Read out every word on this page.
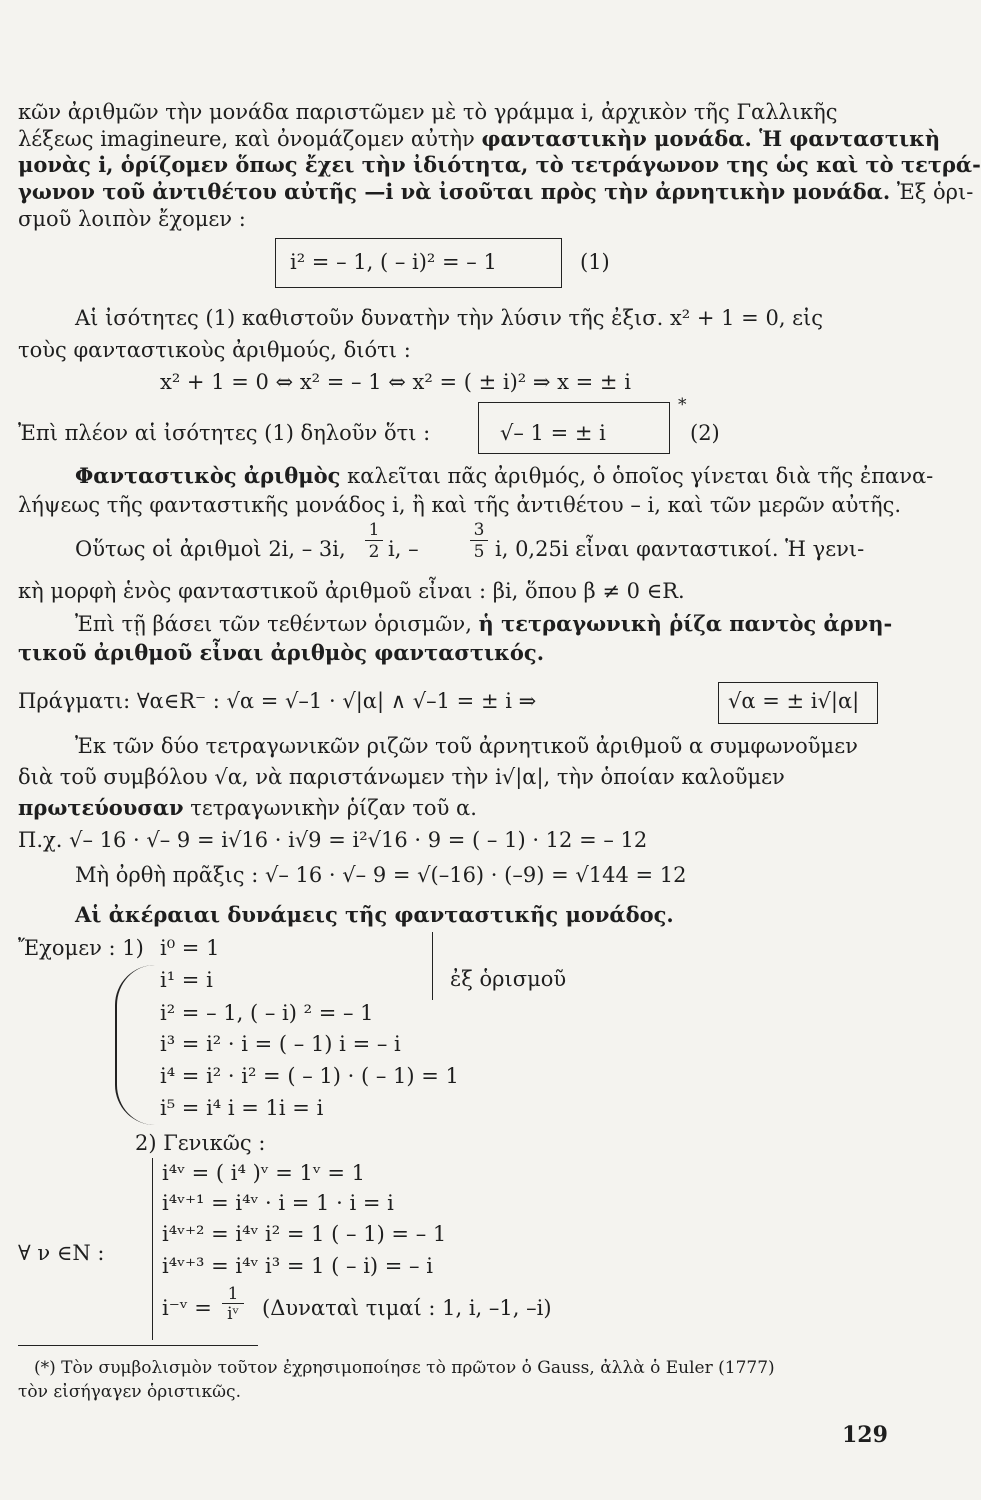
κῶν ἀριθμῶν τὴν μονάδα παριστῶμεν μὲ τὸ γράμμα i, ἀρχικὸν τῆς Γαλλικῆς
λέξεως imagineure, καὶ ὀνομάζομεν αὐτὴν φανταστικὴν μονάδα. Ἡ φανταστικὴ
μονὰς i, ὁρίζομεν ὅπως ἔχει τὴν ἰδιότητα, τὸ τετράγωνον της ὡς καὶ τὸ τετρά-
γωνον τοῦ ἀντιθέτου αὐτῆς —i νὰ ἰσοῦται πρὸς τὴν ἀρνητικὴν μονάδα. Ἐξ ὁρι-
σμοῦ λοιπὸν ἔχομεν :
i² = – 1, ( – i)² = – 1	(1)
Αἱ ἰσότητες (1) καθιστοῦν δυνατὴν τὴν λύσιν τῆς ἐξισ. x² + 1 = 0, εἰς
τοὺς φανταστικοὺς ἀριθμούς, διότι :
x² + 1 = 0 ⇔ x² = – 1 ⇔ x² = ( ± i)² ⇒ x = ± i
*
Ἐπὶ πλέον αἱ ἰσότητες (1) δηλοῦν ὅτι :	√– 1 = ± i	(2)
Φανταστικὸς ἀριθμὸς καλεῖται πᾶς ἀριθμός, ὁ ὁποῖος γίνεται διὰ τῆς ἐπανα-
λήψεως τῆς φανταστικῆς μονάδος i, ἢ καὶ τῆς ἀντιθέτου – i, καὶ τῶν μερῶν αὐτῆς.
Οὕτως οἱ ἀριθμοὶ 2i, – 3i,
1
2 i, –
3
5 i, 0,25i εἶναι φανταστικοί. Ἡ γενι-
κὴ μορφὴ ἑνὸς φανταστικοῦ ἀριθμοῦ εἶναι : βi, ὅπου β ≠ 0 ∈R.
Ἐπὶ τῇ βάσει τῶν τεθέντων ὁρισμῶν, ἡ τετραγωνικὴ ῥίζα παντὸς ἀρνη-
τικοῦ ἀριθμοῦ εἶναι ἀριθμὸς φανταστικός.
Πράγματι: ∀α∈R⁻ : √α = √–1 · √|α| ∧ √–1 = ± i ⇒	√α = ± i√|α|
Ἐκ τῶν δύο τετραγωνικῶν ριζῶν τοῦ ἀρνητικοῦ ἀριθμοῦ α συμφωνοῦμεν
διὰ τοῦ συμβόλου √α, νὰ παριστάνωμεν τὴν i√|α|, τὴν ὁποίαν καλοῦμεν
πρωτεύουσαν τετραγωνικὴν ῥίζαν τοῦ α.
Π.χ. √– 16 · √– 9 = i√16 · i√9 = i²√16 · 9 = ( – 1) · 12 = – 12
Μὴ ὀρθὴ πρᾶξις : √– 16 · √– 9 = √(–16) · (–9) = √144 = 12
Αἱ ἀκέραιαι δυνάμεις τῆς φανταστικῆς μονάδος.
Ἔχομεν : 1) i⁰ = 1
i¹ = i	ἐξ ὁρισμοῦ
i² = – 1, ( – i) ² = – 1
i³ = i² · i = ( – 1) i = – i
i⁴ = i² · i² = ( – 1) · ( – 1) = 1
i⁵ = i⁴ i = 1i = i
2) Γενικῶς :
i⁴ᵛ = ( i⁴ )ᵛ = 1ᵛ = 1
i⁴ᵛ⁺¹ = i⁴ᵛ · i = 1 · i = i
i⁴ᵛ⁺² = i⁴ᵛ i² = 1 ( – 1) = – 1
∀ ν ∈N :
i⁴ᵛ⁺³ = i⁴ᵛ i³ = 1 ( – i) = – i
i⁻ᵛ =
1
iᵛ (Δυναταὶ τιμαί : 1, i, –1, –i)
(*) Τὸν συμβολισμὸν τοῦτον ἐχρησιμοποίησε τὸ πρῶτον ὁ Gauss, ἀλλὰ ὁ Euler (1777)
τὸν εἰσήγαγεν ὁριστικῶς.
129
